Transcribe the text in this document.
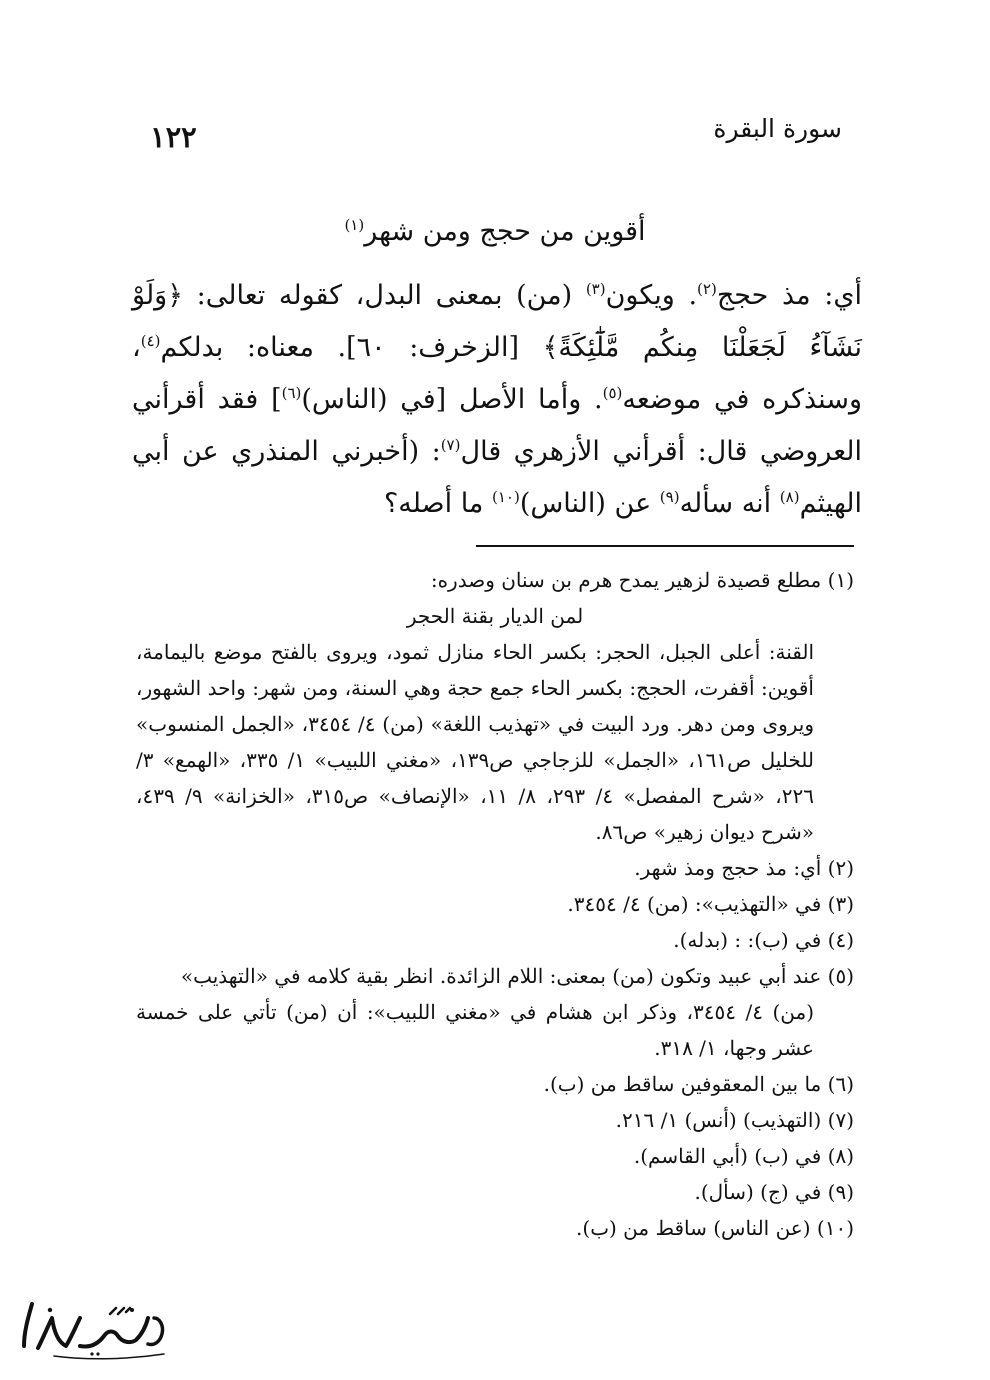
سورة البقرة
١٢٢
أقوين من حجج ومن شهر$^{(١)}$

أي: مذ حجج$^{(٢)}$. ويكون$^{(٣)}$ (من) بمعنى البدل، كقوله تعالى: ﴿وَلَوْ نَشَآءُ لَجَعَلْنَا مِنكُم مَّلَٰٓئِكَةً﴾ [الزخرف: ٦٠]. معناه: بدلكم$^{(٤)}$، وسنذكره في موضعه$^{(٥)}$. وأما الأصل [في (الناس)$^{(٦)}$] فقد أقرأني العروضي قال: أقرأني الأزهري قال$^{(٧)}$: (أخبرني المنذري عن أبي الهيثم$^{(٨)}$ أنه سأله$^{(٩)}$ عن (الناس)$^{(١٠)}$ ما أصله؟

(١) مطلع قصيدة لزهير يمدح هرم بن سنان وصدره:

لمن الديار بقنة الحجر

القنة: أعلى الجبل، الحجر: بكسر الحاء منازل ثمود، ويروى بالفتح موضع باليمامة، أقوين: أقفرت، الحجج: بكسر الحاء جمع حجة وهي السنة، ومن شهر: واحد الشهور، ويروى ومن دهر. ورد البيت في «تهذيب اللغة» (من) ٤/ ٣٤٥٤، «الجمل المنسوب» للخليل ص١٦١، «الجمل» للزجاجي ص١٣٩، «مغني اللبيب» ١/ ٣٣٥، «الهمع» ٣/ ٢٢٦، «شرح المفصل» ٤/ ٢٩٣، ٨/ ١١، «الإنصاف» ص٣١٥، «الخزانة» ٩/ ٤٣٩، «شرح ديوان زهير» ص٨٦.

(٢) أي: مذ حجج ومذ شهر.

(٣) في «التهذيب»: (من) ٤/ ٣٤٥٤.

(٤) في (ب): : (بدله).

(٥) عند أبي عبيد وتكون (من) بمعنى: اللام الزائدة. انظر بقية كلامه في «التهذيب»

(من) ٤/ ٣٤٥٤، وذكر ابن هشام في «مغني اللبيب»: أن (من) تأتي على خمسة عشر وجها، ١/ ٣١٨.

(٦) ما بين المعقوفين ساقط من (ب).

(٧) (التهذيب) (أنس) ١/ ٢١٦.

(٨) في (ب) (أبي القاسم).

(٩) في (ج) (سأل).

(١٠) (عن الناس) ساقط من (ب).
